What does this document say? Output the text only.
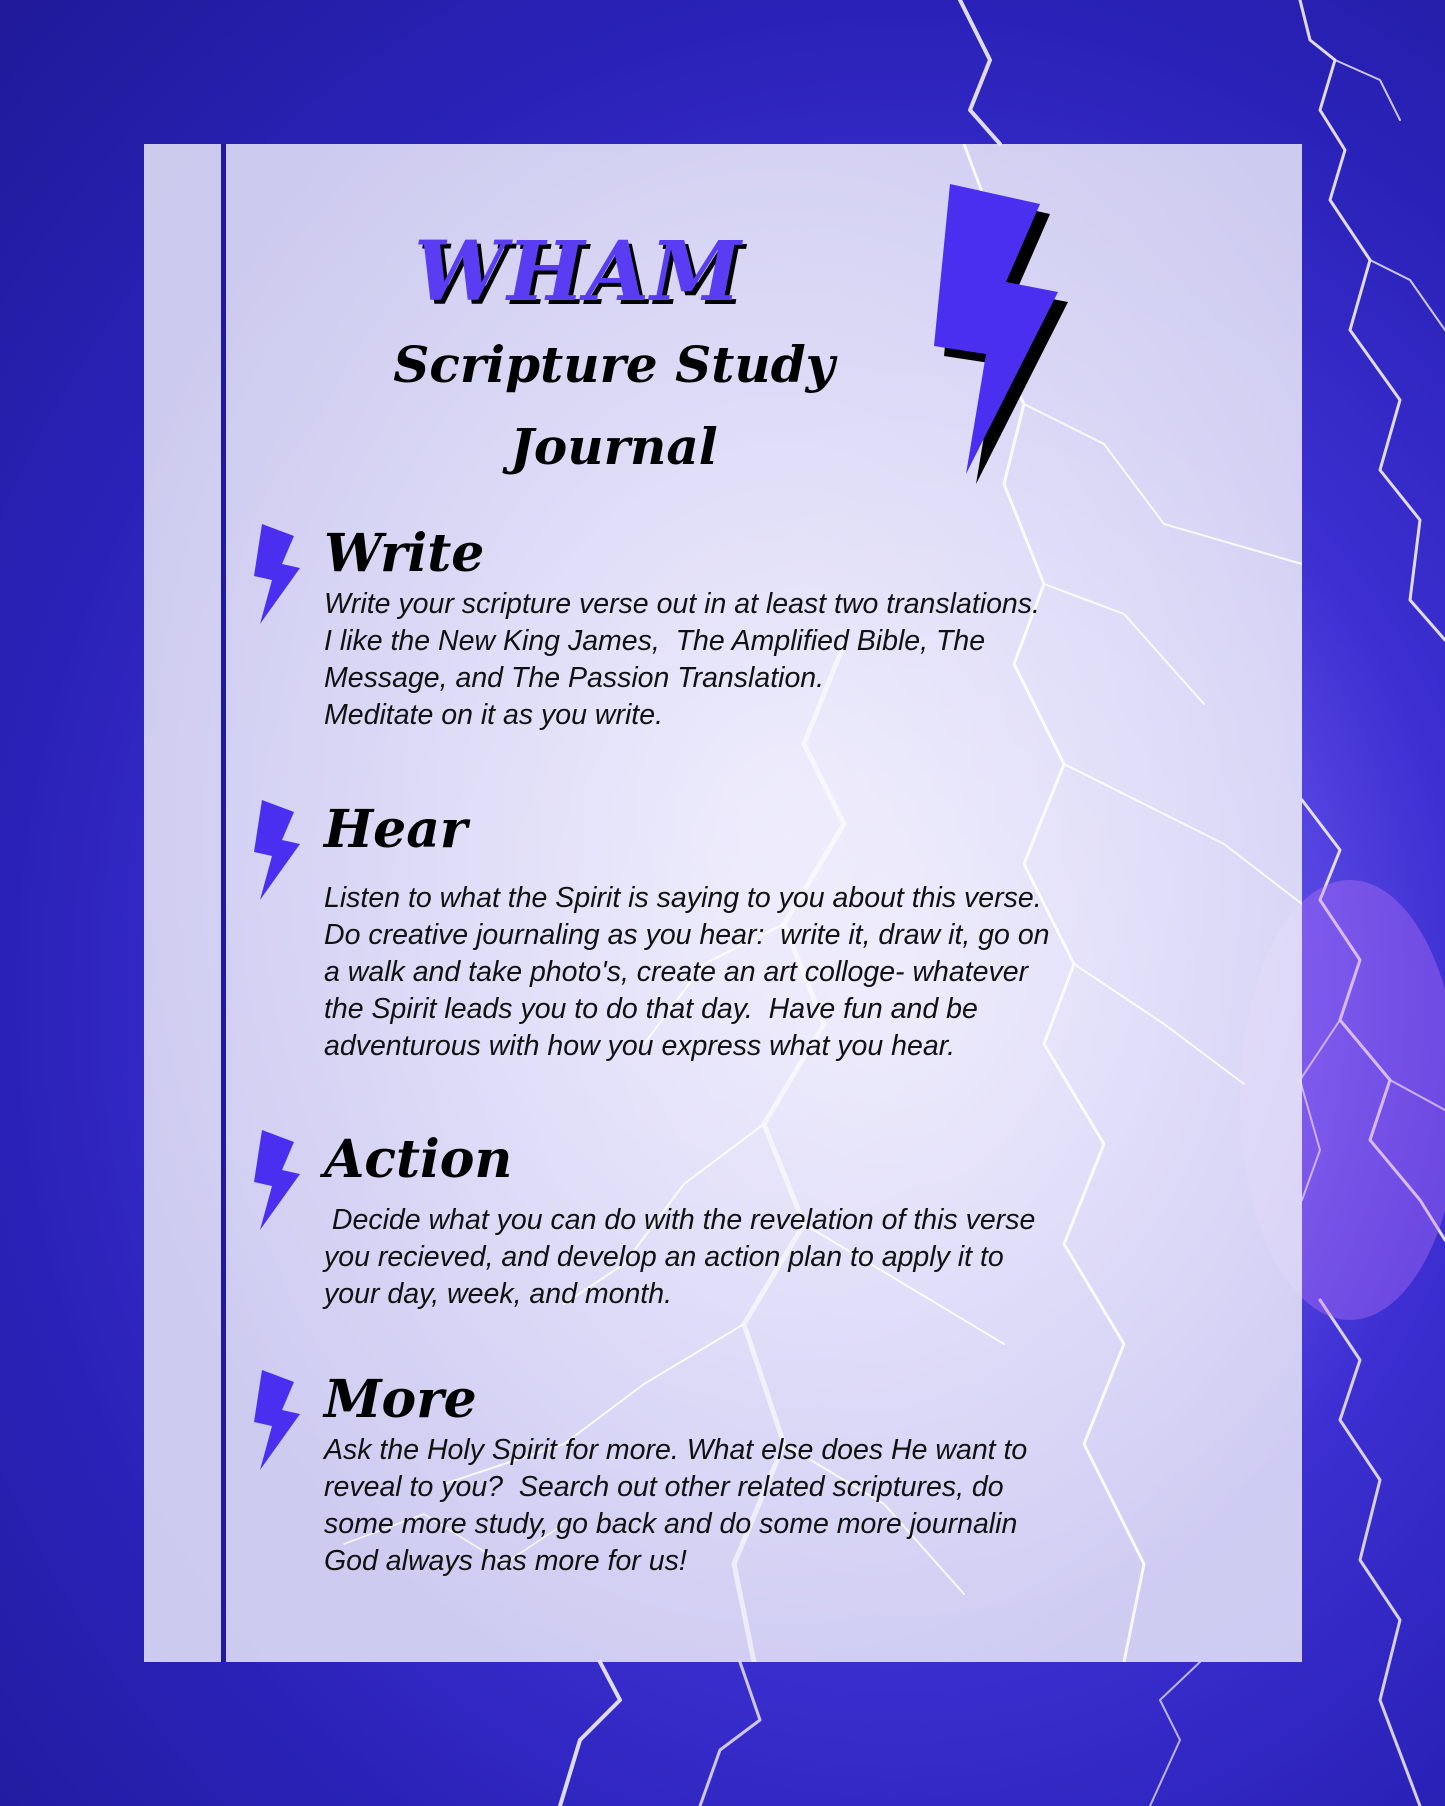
WHAM
Scripture Study
Journal
Write
Write your scripture verse out in at least two translations.
I like the New King James,  The Amplified Bible, The
Message, and The Passion Translation.
Meditate on it as you write.
Hear
Listen to what the Spirit is saying to you about this verse.
Do creative journaling as you hear:  write it, draw it, go on
a walk and take photo's, create an art colloge- whatever
the Spirit leads you to do that day.  Have fun and be
adventurous with how you express what you hear.
Action
Decide what you can do with the revelation of this verse
you recieved, and develop an action plan to apply it to
your day, week, and month.
More
Ask the Holy Spirit for more. What else does He want to
reveal to you?  Search out other related scriptures, do
some more study, go back and do some more journalin
God always has more for us!
